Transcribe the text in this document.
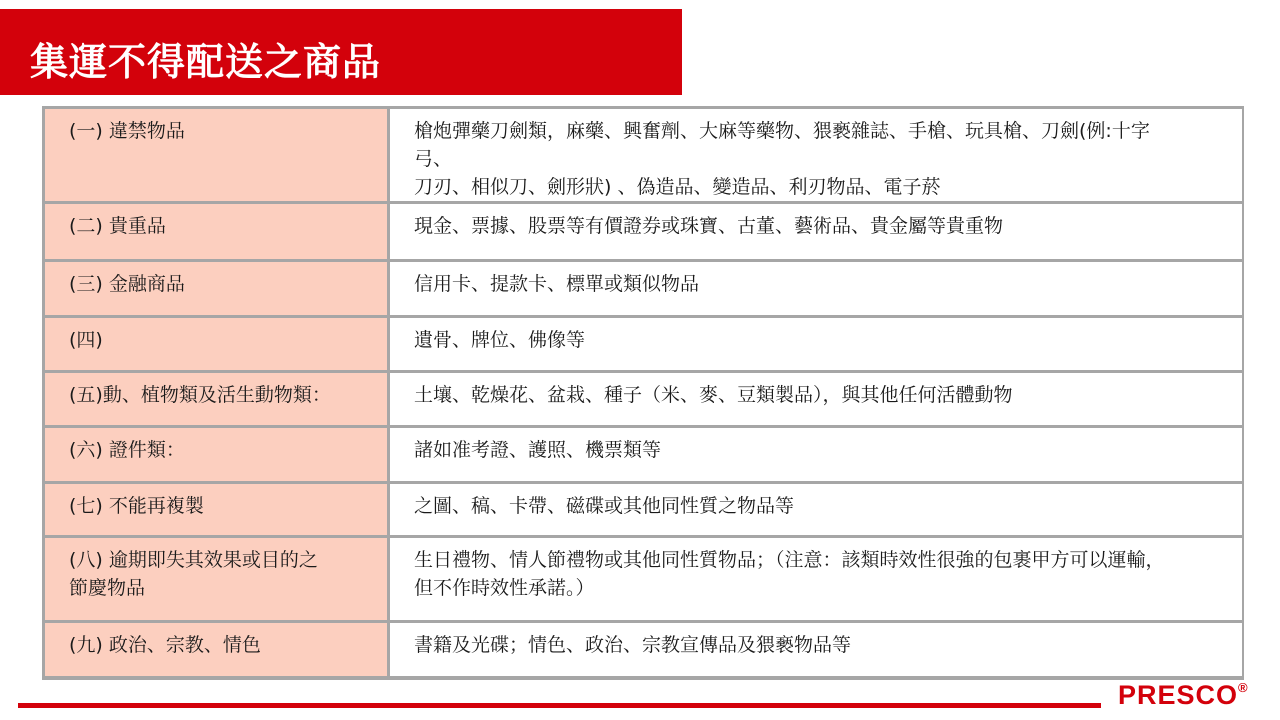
集運不得配送之商品
(一) 違禁物品	槍炮彈藥刀劍類，麻藥、興奮劑、大麻等藥物、猥褻雜誌、手槍、玩具槍、刀劍(例:十字
弓、
刀刃、相似刀、劍形狀) 、偽造品、變造品、利刃物品、電子菸

(二) 貴重品	現金、票據、股票等有價證券或珠寶、古董、藝術品、貴金屬等貴重物

(三) 金融商品	信用卡、提款卡、標單或類似物品

(四)	遺骨、牌位、佛像等

(五)動、植物類及活生動物類：	土壤、乾燥花、盆栽、種子（米、麥、豆類製品），與其他任何活體動物

(六) 證件類：	諸如准考證、護照、機票類等

(七) 不能再複製	之圖、稿、卡帶、磁碟或其他同性質之物品等

(八) 逾期即失其效果或目的之
節慶物品	生日禮物、情人節禮物或其他同性質物品；（注意：該類時效性很強的包裹甲方可以運輸，
但不作時效性承諾。）

(九) 政治、宗教、情色	書籍及光碟；情色、政治、宗教宣傳品及猥褻物品等
PRESCO®
